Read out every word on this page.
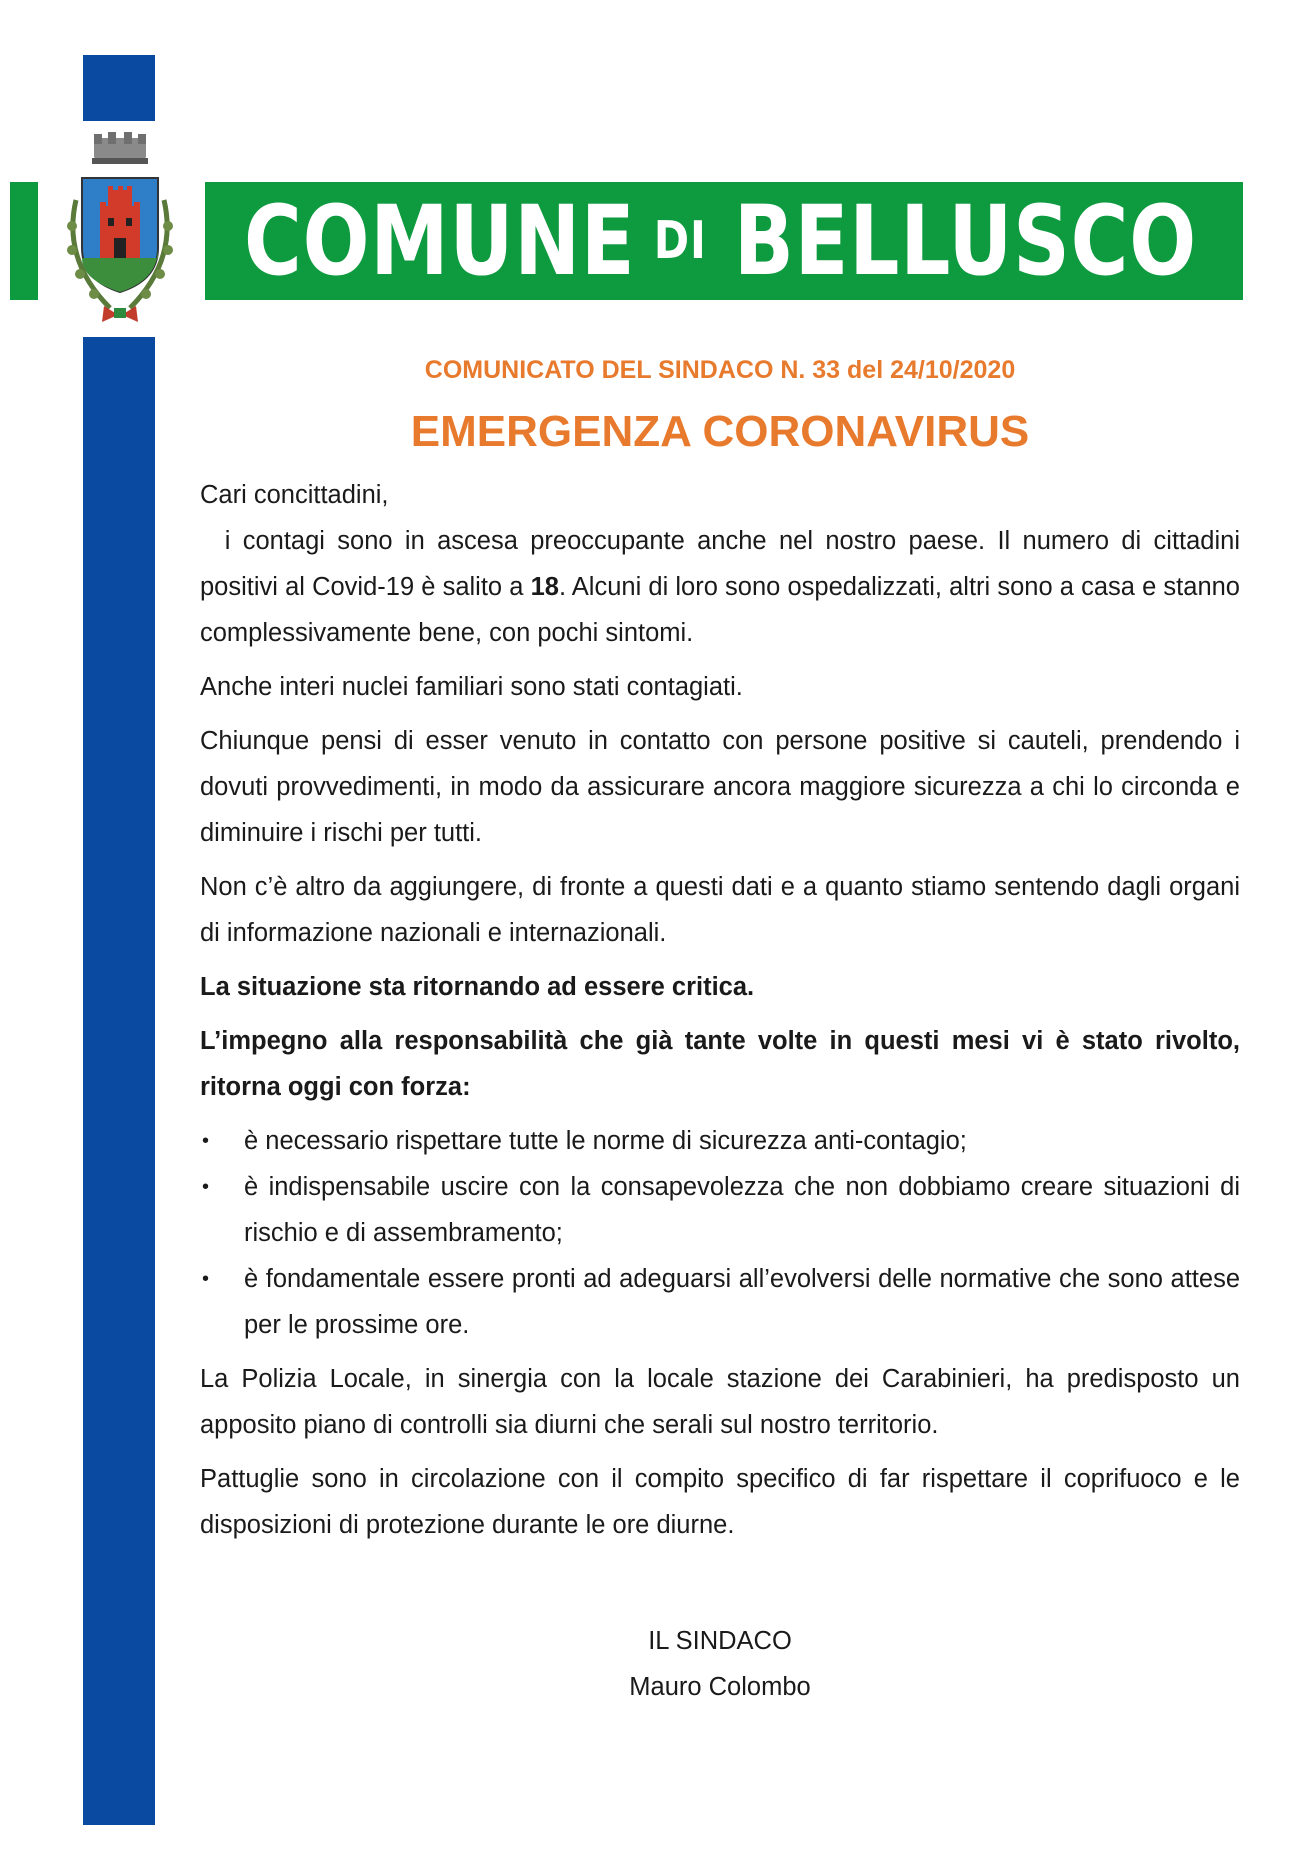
COMUNE DI BELLUSCO
COMUNICATO DEL SINDACO N. 33 del 24/10/2020
EMERGENZA CORONAVIRUS

Cari concittadini,

i contagi sono in ascesa preoccupante anche nel nostro paese. Il numero di cittadini positivi al Covid-19 è salito a 18. Alcuni di loro sono ospedalizzati, altri sono a casa e stanno complessivamente bene, con pochi sintomi.

Anche interi nuclei familiari sono stati contagiati.

Chiunque pensi di esser venuto in contatto con persone positive si cauteli, prendendo i dovuti provvedimenti, in modo da assicurare ancora maggiore sicurezza a chi lo circonda e diminuire i rischi per tutti.

Non c’è altro da aggiungere, di fronte a questi dati e a quanto stiamo sentendo dagli organi di informazione nazionali e internazionali.

La situazione sta ritornando ad essere critica.

L’impegno alla responsabilità che già tante volte in questi mesi vi è stato rivolto, ritorna oggi con forza:

• è necessario rispettare tutte le norme di sicurezza anti-contagio;
• è indispensabile uscire con la consapevolezza che non dobbiamo creare situazioni di rischio e di assembramento;
• è fondamentale essere pronti ad adeguarsi all’evolversi delle normative che sono attese per le prossime ore.

La Polizia Locale, in sinergia con la locale stazione dei Carabinieri, ha predisposto un apposito piano di controlli sia diurni che serali sul nostro territorio.

Pattuglie sono in circolazione con il compito specifico di far rispettare il coprifuoco e le disposizioni di protezione durante le ore diurne.

IL SINDACO
Mauro Colombo
